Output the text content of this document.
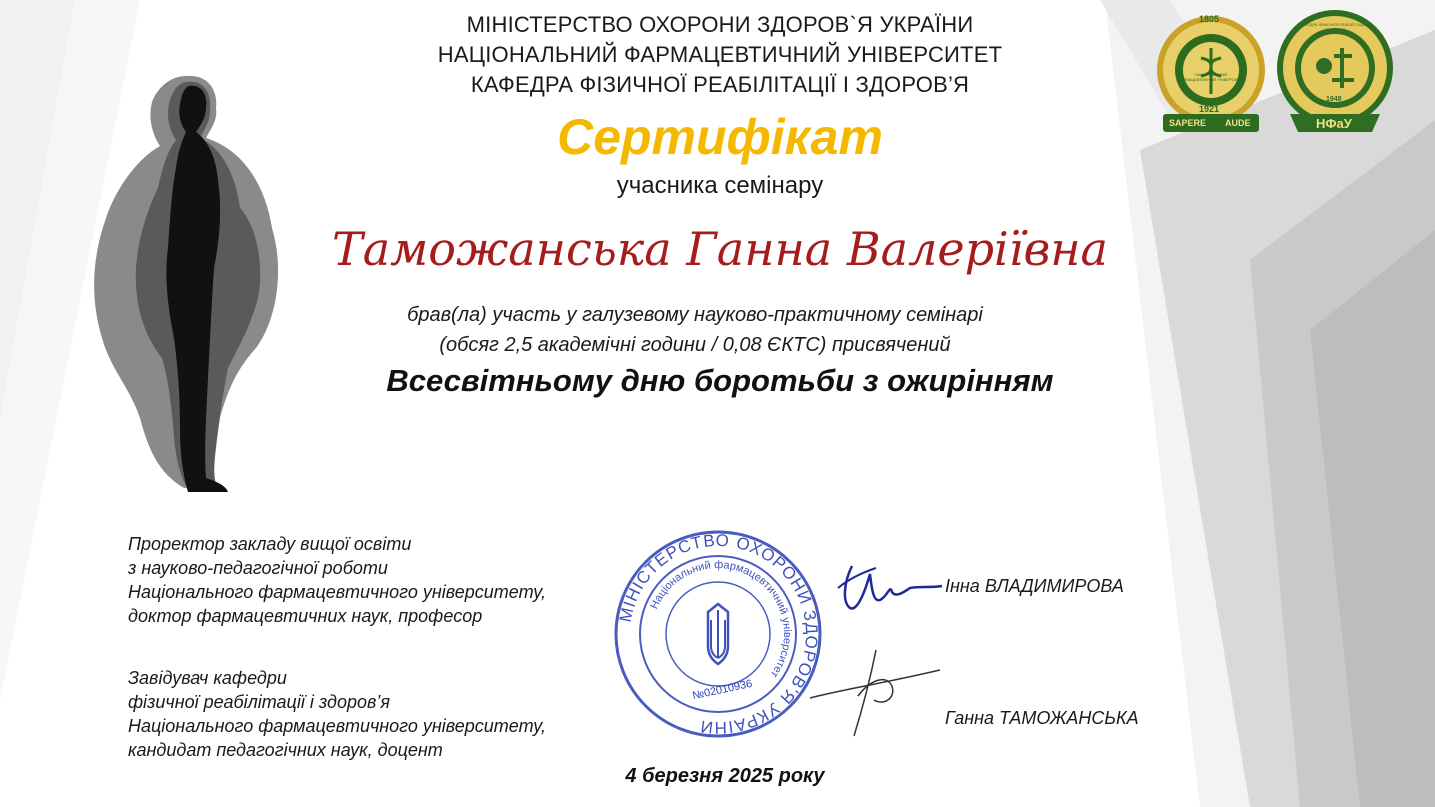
МІНІСТЕРСТВО ОХОРОНИ ЗДОРОВ`Я УКРАЇНИ
НАЦІОНАЛЬНИЙ ФАРМАЦЕВТИЧНИЙ УНІВЕРСИТЕТ
КАФЕДРА ФІЗИЧНОЇ РЕАБІЛІТАЦІЇ І ЗДОРОВ’Я
1805
1921
SAPERE AUDE
НАЦІОНАЛЬНИЙ ФАРМАЦЕВТИЧНИЙ УНІВЕРСИТЕТ
1948
НФаУ
КАФЕДРА ФІЗИЧНОЇ РЕАБІЛІТАЦІЇ ТА ЗДОРОВ'Я
Сертифікат
учасника семінару
Таможанська Ганна Валеріївна
брав(ла) участь у галузевому науково-практичному семінарі
(обсяг 2,5 академічні години / 0,08 ЄКТС) присвячений
Всесвітньому дню боротьби з ожирінням
Проректор закладу вищої освіти
з науково-педагогічної роботи
Національного фармацевтичного університету,
доктор фармацевтичних наук, професор
Інна ВЛАДИМИРОВА
Завідувач кафедри
фізичної реабілітації і здоров’я
Національного фармацевтичного університету,
кандидат педагогічних наук, доцент
Ганна ТАМОЖАНСЬКА
МІНІСТЕРСТВО ОХОРОНИ ЗДОРОВ'Я УКРАЇНИ
Національний фармацевтичний університет
№02010936
4 березня 2025 року
